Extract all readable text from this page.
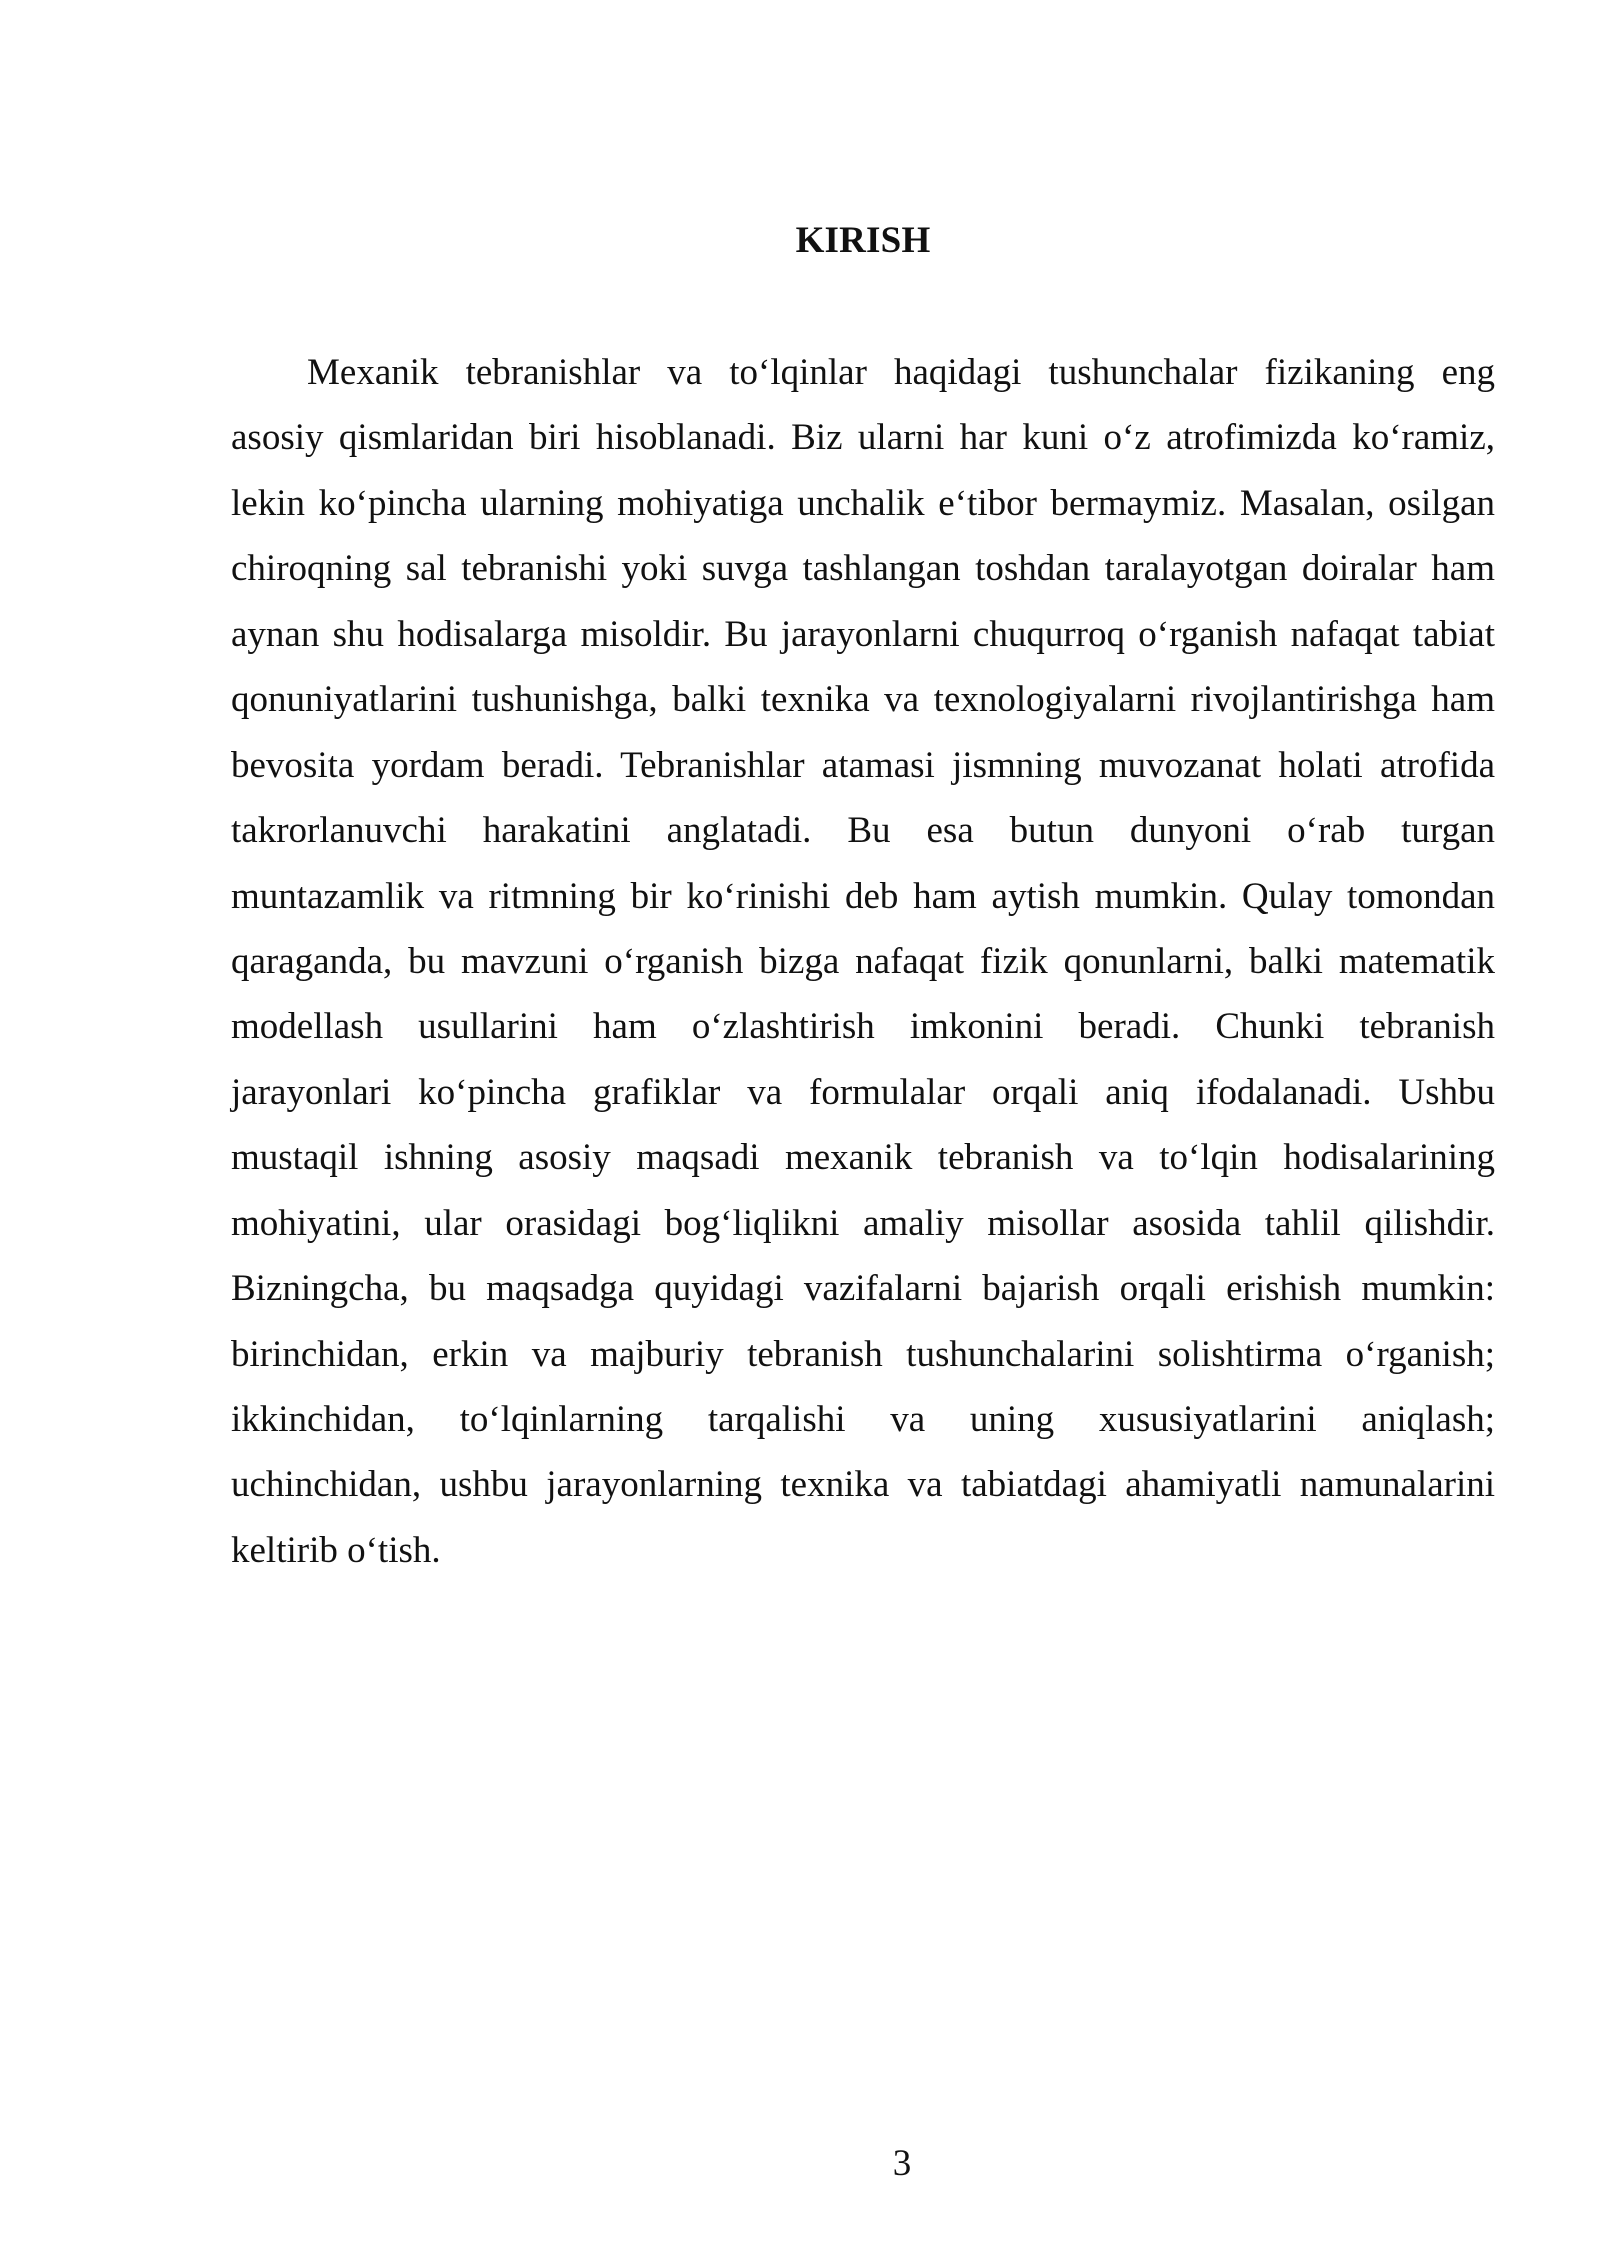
KIRISH
Mexanik tebranishlar va to‘lqinlar haqidagi tushunchalar fizikaning eng
asosiy qismlaridan biri hisoblanadi. Biz ularni har kuni o‘z atrofimizda ko‘ramiz,
lekin ko‘pincha ularning mohiyatiga unchalik e‘tibor bermaymiz. Masalan, osilgan
chiroqning sal tebranishi yoki suvga tashlangan toshdan taralayotgan doiralar ham
aynan shu hodisalarga misoldir. Bu jarayonlarni chuqurroq o‘rganish nafaqat tabiat
qonuniyatlarini tushunishga, balki texnika va texnologiyalarni rivojlantirishga ham
bevosita yordam beradi. Tebranishlar atamasi jismning muvozanat holati atrofida
takrorlanuvchi harakatini anglatadi. Bu esa butun dunyoni o‘rab turgan
muntazamlik va ritmning bir ko‘rinishi deb ham aytish mumkin. Qulay tomondan
qaraganda, bu mavzuni o‘rganish bizga nafaqat fizik qonunlarni, balki matematik
modellash usullarini ham o‘zlashtirish imkonini beradi. Chunki tebranish
jarayonlari ko‘pincha grafiklar va formulalar orqali aniq ifodalanadi. Ushbu
mustaqil ishning asosiy maqsadi mexanik tebranish va to‘lqin hodisalarining
mohiyatini, ular orasidagi bog‘liqlikni amaliy misollar asosida tahlil qilishdir.
Bizningcha, bu maqsadga quyidagi vazifalarni bajarish orqali erishish mumkin:
birinchidan, erkin va majburiy tebranish tushunchalarini solishtirma o‘rganish;
ikkinchidan, to‘lqinlarning tarqalishi va uning xususiyatlarini aniqlash;
uchinchidan, ushbu jarayonlarning texnika va tabiatdagi ahamiyatli namunalarini
keltirib o‘tish.
3
